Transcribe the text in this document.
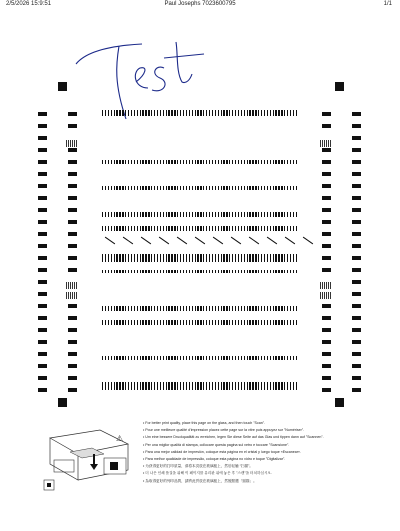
2/5/2026 15:9:51	Paul Josephs 7023600795	1/1
⚠
• For better print quality, place this page on the glass, and then touch "Scan".
• Pour une meilleure qualité d'impression placez cette page sur la vitre puis appuyez sur "Numériser".
• Um eine bessere Druckqualität zu erreichen, legen Sie diese Seite auf das Glas und tippen dann auf "Scannen".
• Per una miglior qualità di stampa, collocare questa pagina sul vetro e toccare "Scansione".
• Para una mejor calidad de impresión, coloque esta página en el cristal y luego toque «Escanear».
• Para melhor qualidade de impressão, coloque esta página no vidro e toque "Digitalizar".
• 为获得更好的打印质量，请将本页放在玻璃板上，然后轻触 “扫描”。
• 더 나은 인쇄 품질을 위해 이 페이지를 유리판 위에 놓은 후 "스캔"을 터치하십시오.
• 為取得更好的列印品質，請將此頁放在玻璃板上，然後點選「掃描」。
